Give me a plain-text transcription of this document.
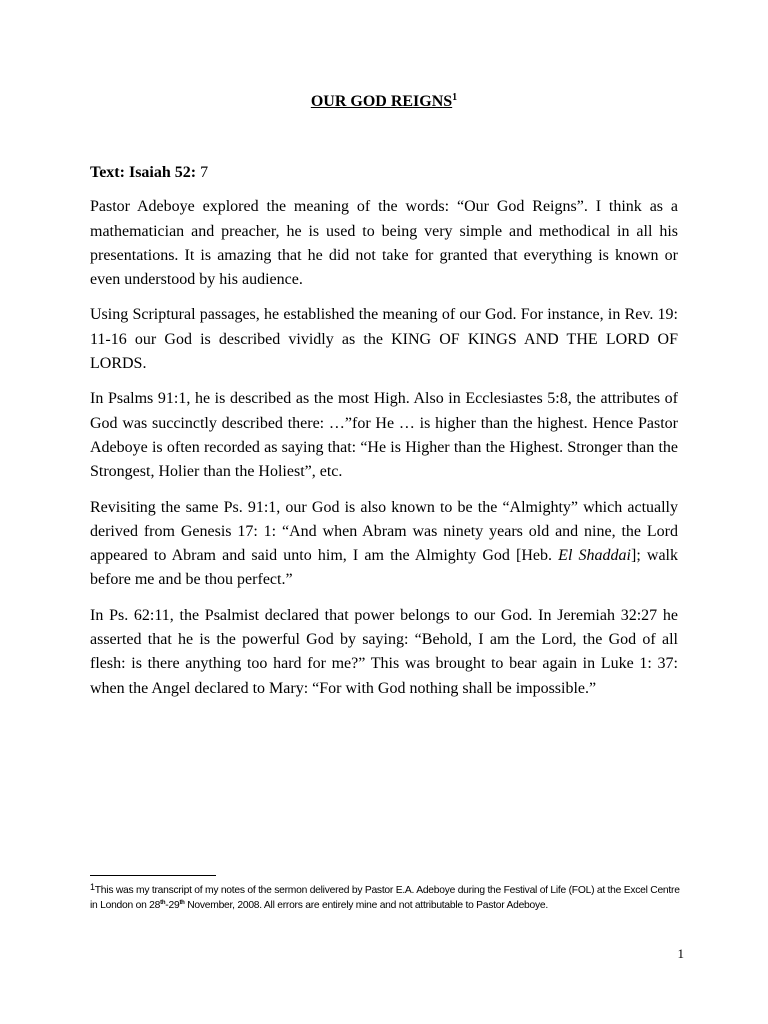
OUR GOD REIGNS$^1$

Text: Isaiah 52: 7

Pastor Adeboye explored the meaning of the words: “Our God Reigns”. I think as a mathematician and preacher, he is used to being very simple and methodical in all his presentations. It is amazing that he did not take for granted that everything is known or even understood by his audience.

Using Scriptural passages, he established the meaning of our God. For instance, in Rev. 19: 11-16 our God is described vividly as the KING OF KINGS AND THE LORD OF LORDS.

In Psalms 91:1, he is described as the most High. Also in Ecclesiastes 5:8, the attributes of God was succinctly described there: …”for He … is higher than the highest. Hence Pastor Adeboye is often recorded as saying that: “He is Higher than the Highest. Stronger than the Strongest, Holier than the Holiest”, etc.

Revisiting the same Ps. 91:1, our God is also known to be the “Almighty” which actually derived from Genesis 17: 1: “And when Abram was ninety years old and nine, the Lord appeared to Abram and said unto him, I am the Almighty God [Heb. El Shaddai]; walk before me and be thou perfect.”

In Ps. 62:11, the Psalmist declared that power belongs to our God. In Jeremiah 32:27 he asserted that he is the powerful God by saying: “Behold, I am the Lord, the God of all flesh: is there anything too hard for me?” This was brought to bear again in Luke 1: 37: when the Angel declared to Mary: “For with God nothing shall be impossible.”

$^1$This was my transcript of my notes of the sermon delivered by Pastor E.A. Adeboye during the Festival of Life (FOL) at the Excel Centre in London on 28th-29th November, 2008. All errors are entirely mine and not attributable to Pastor Adeboye.
1
